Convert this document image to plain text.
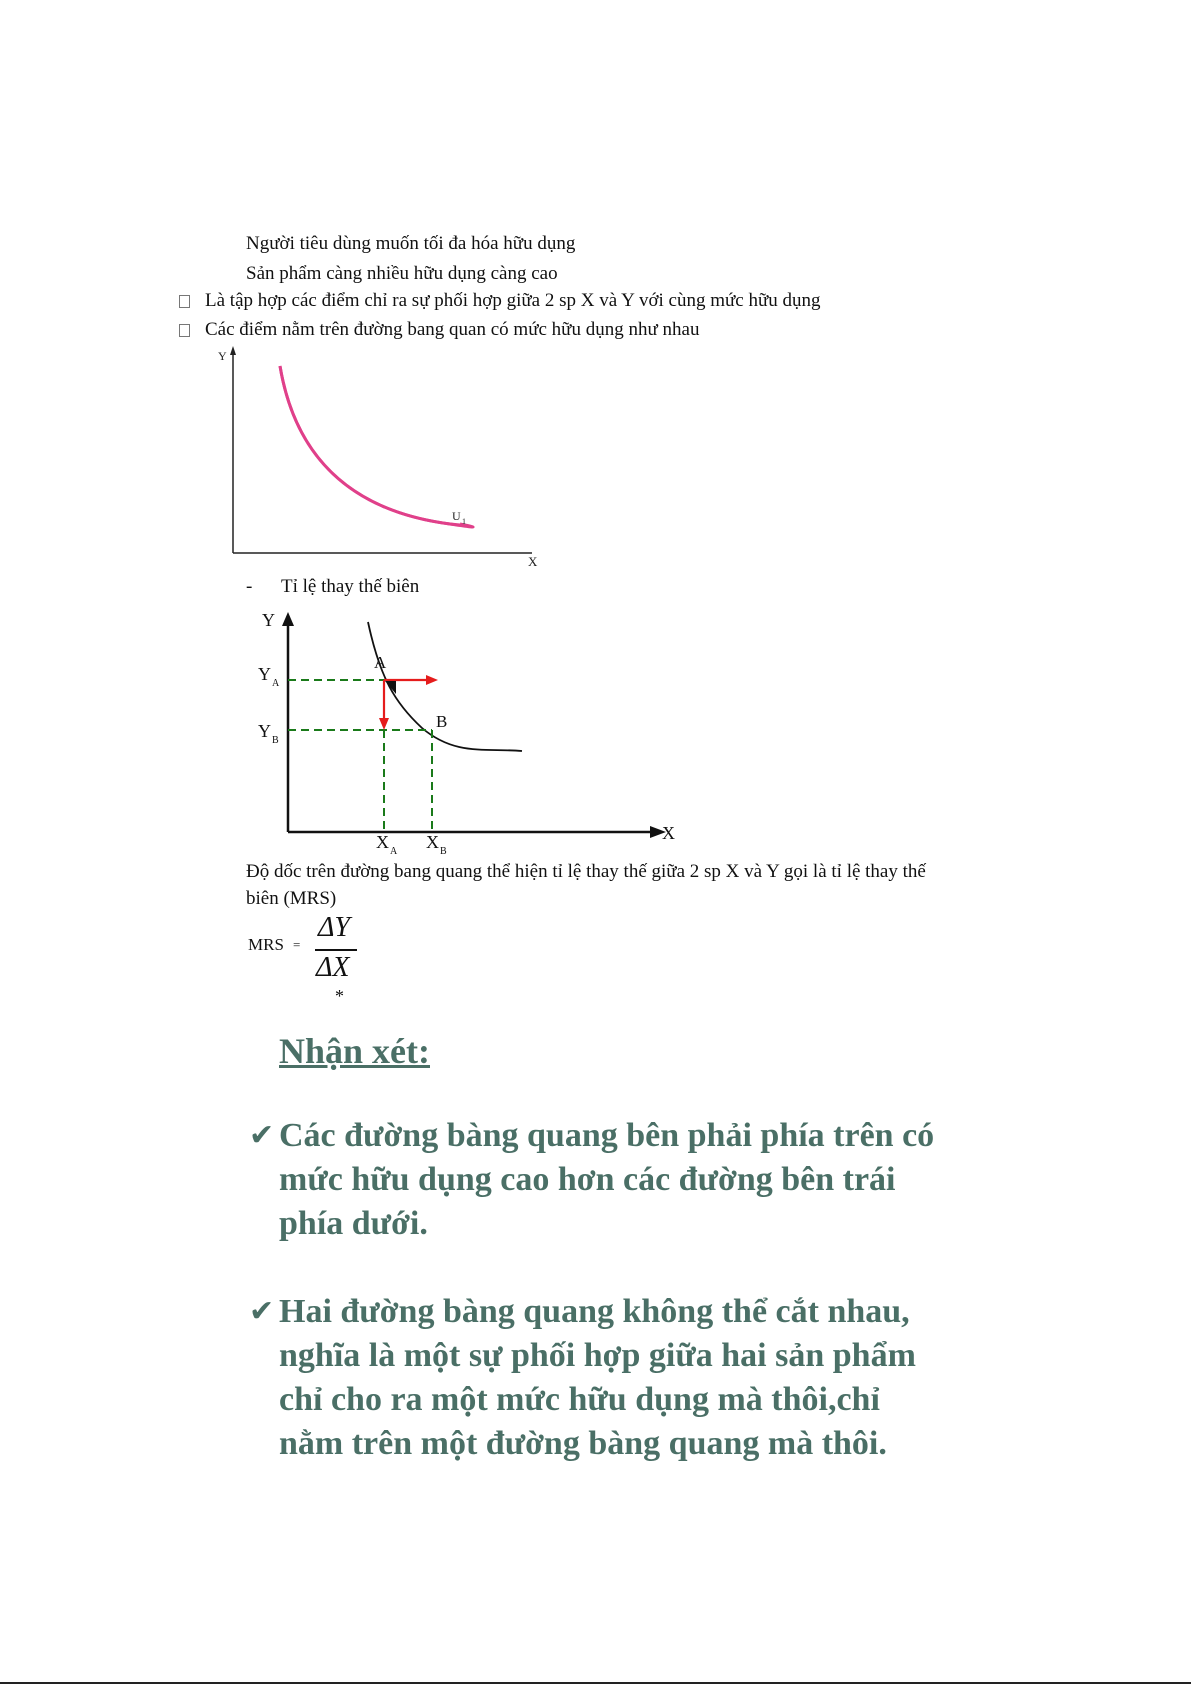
Người tiêu dùng muốn tối đa hóa hữu dụng
Sản phẩm càng nhiều hữu dụng càng cao
Là tập hợp các điểm chỉ ra sự phối hợp giữa 2 sp X và Y với cùng mức hữu dụng
Các điểm nằm trên đường bang quan có mức hữu dụng như nhau
Y
X
U 1
- Tỉ lệ thay thế biên
Y
X
Y A
Y B
X A X B
A
B
Độ dốc trên đường bang quang thể hiện tỉ lệ thay thế giữa 2 sp X và Y gọi là tỉ lệ thay thế
biên (MRS)
MRS =
ΔY
ΔX
*
Nhận xét:
✔ Các đường bàng quang bên phải phía trên có
mức hữu dụng cao hơn các đường bên trái
phía dưới.
✔ Hai đường bàng quang không thể cắt nhau,
nghĩa là một sự phối hợp giữa hai sản phẩm
chỉ cho ra một mức hữu dụng mà thôi,chỉ
nằm trên một đường bàng quang mà thôi.
